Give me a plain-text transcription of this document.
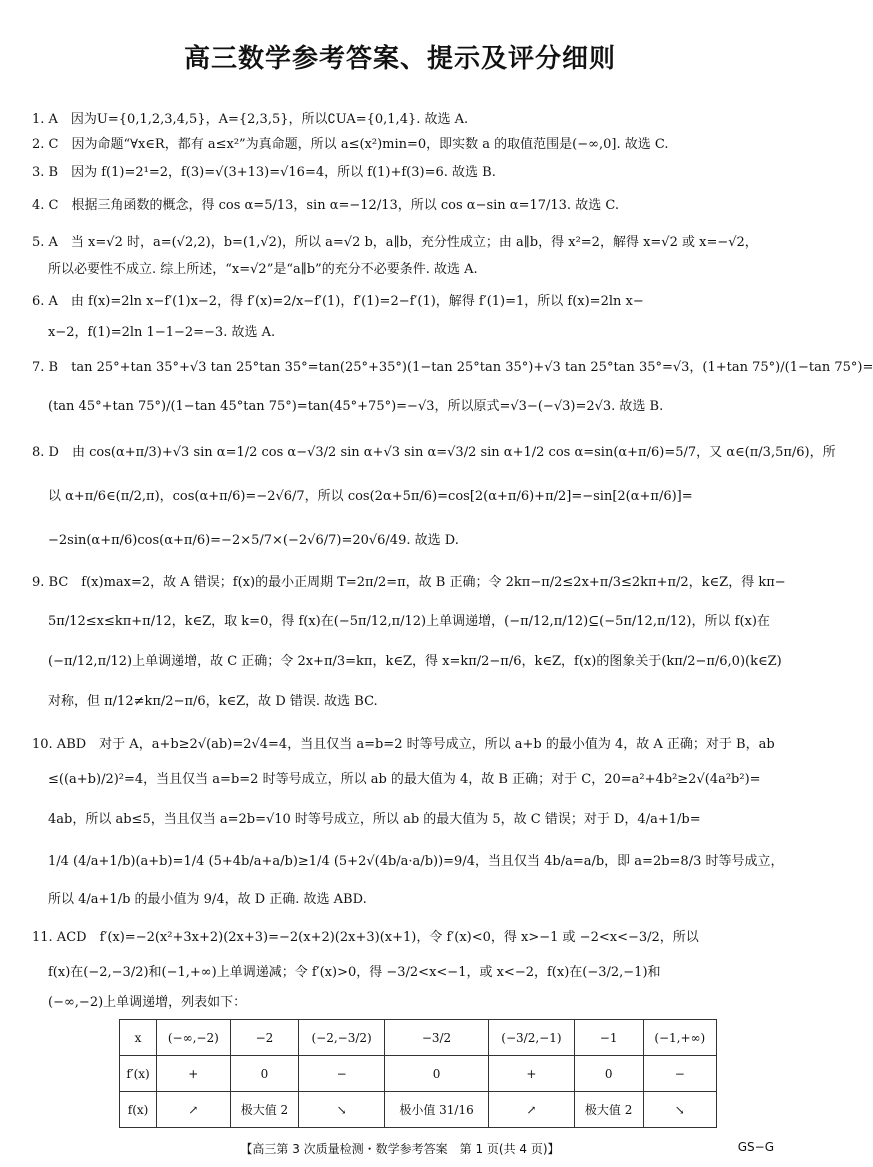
高三数学参考答案、提示及评分细则
1. A　因为U={0,1,2,3,4,5}，A={2,3,5}，所以∁UA={0,1,4}. 故选 A.
2. C　因为命题“∀x∈R，都有 a≤x²”为真命题，所以 a≤(x²)min=0，即实数 a 的取值范围是(−∞,0]. 故选 C.
3. B　因为 f(1)=2¹=2，f(3)=√(3+13)=√16=4，所以 f(1)+f(3)=6. 故选 B.
4. C　根据三角函数的概念，得 cos α=5/13，sin α=−12/13，所以 cos α−sin α=17/13. 故选 C.
5. A　当 x=√2 时，a=(√2,2)，b=(1,√2)，所以 a=√2 b，a∥b，充分性成立；由 a∥b，得 x²=2，解得 x=√2 或 x=−√2，
所以必要性不成立. 综上所述，“x=√2”是“a∥b”的充分不必要条件. 故选 A.
6. A　由 f(x)=2ln x−f′(1)x−2，得 f′(x)=2/x−f′(1)，f′(1)=2−f′(1)，解得 f′(1)=1，所以 f(x)=2ln x−
x−2，f(1)=2ln 1−1−2=−3. 故选 A.
7. B　tan 25°+tan 35°+√3 tan 25°tan 35°=tan(25°+35°)(1−tan 25°tan 35°)+√3 tan 25°tan 35°=√3，(1+tan 75°)/(1−tan 75°)=
(tan 45°+tan 75°)/(1−tan 45°tan 75°)=tan(45°+75°)=−√3，所以原式=√3−(−√3)=2√3. 故选 B.
8. D　由 cos(α+π/3)+√3 sin α=1/2 cos α−√3/2 sin α+√3 sin α=√3/2 sin α+1/2 cos α=sin(α+π/6)=5/7，又 α∈(π/3,5π/6)，所
以 α+π/6∈(π/2,π)，cos(α+π/6)=−2√6/7，所以 cos(2α+5π/6)=cos[2(α+π/6)+π/2]=−sin[2(α+π/6)]=
−2sin(α+π/6)cos(α+π/6)=−2×5/7×(−2√6/7)=20√6/49. 故选 D.
9. BC　f(x)max=2，故 A 错误；f(x)的最小正周期 T=2π/2=π，故 B 正确；令 2kπ−π/2≤2x+π/3≤2kπ+π/2，k∈Z，得 kπ−
5π/12≤x≤kπ+π/12，k∈Z，取 k=0，得 f(x)在(−5π/12,π/12)上单调递增，(−π/12,π/12)⊆(−5π/12,π/12)，所以 f(x)在
(−π/12,π/12)上单调递增，故 C 正确；令 2x+π/3=kπ，k∈Z，得 x=kπ/2−π/6，k∈Z，f(x)的图象关于(kπ/2−π/6,0)(k∈Z)
对称，但 π/12≠kπ/2−π/6，k∈Z，故 D 错误. 故选 BC.
10. ABD　对于 A，a+b≥2√(ab)=2√4=4，当且仅当 a=b=2 时等号成立，所以 a+b 的最小值为 4，故 A 正确；对于 B，ab
≤((a+b)/2)²=4，当且仅当 a=b=2 时等号成立，所以 ab 的最大值为 4，故 B 正确；对于 C，20=a²+4b²≥2√(4a²b²)=
4ab，所以 ab≤5，当且仅当 a=2b=√10 时等号成立，所以 ab 的最大值为 5，故 C 错误；对于 D，4/a+1/b=
1/4 (4/a+1/b)(a+b)=1/4 (5+4b/a+a/b)≥1/4 (5+2√(4b/a·a/b))=9/4，当且仅当 4b/a=a/b，即 a=2b=8/3 时等号成立，
所以 4/a+1/b 的最小值为 9/4，故 D 正确. 故选 ABD.
11. ACD　f′(x)=−2(x²+3x+2)(2x+3)=−2(x+2)(2x+3)(x+1)，令 f′(x)<0，得 x>−1 或 −2<x<−3/2，所以
f(x)在(−2,−3/2)和(−1,+∞)上单调递减；令 f′(x)>0，得 −3/2<x<−1，或 x<−2，f(x)在(−3/2,−1)和
(−∞,−2)上单调递增，列表如下：
x	(−∞,−2)	−2	(−2,−3/2)	−3/2	(−3/2,−1)	−1	(−1,+∞)
f′(x)	+	0	−	0	+	0	−
f(x)	↗	极大值 2	↘	极小值 31/16	↗	极大值 2	↘
【高三第 3 次质量检测・数学参考答案　第 1 页(共 4 页)】	GS−G
